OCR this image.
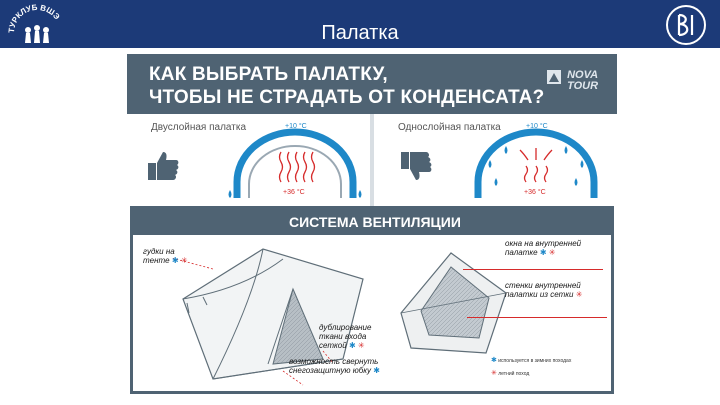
ТУРКЛУБ ВШЭ
Палатка
КАК ВЫБРАТЬ ПАЛАТКУ,
ЧТОБЫ НЕ СТРАДАТЬ ОТ КОНДЕНСАТА?
NOVA
TOUR
Двуслойная палатка	+10 °C
+36 °C
Однослойная палатка	+10 °C
+36 °C
СИСТЕМА ВЕНТИЛЯЦИИ
гудки на тенте ✱ ✳
дублирование ткани входа сеткой ✱ ✳
возможность свернуть снегозащитную юбку ✱
окна на внутренней палатке ✱ ✳
стенки внутренней палатки из сетки ✳
✱ используется в зимних походах
✳ летний поход
